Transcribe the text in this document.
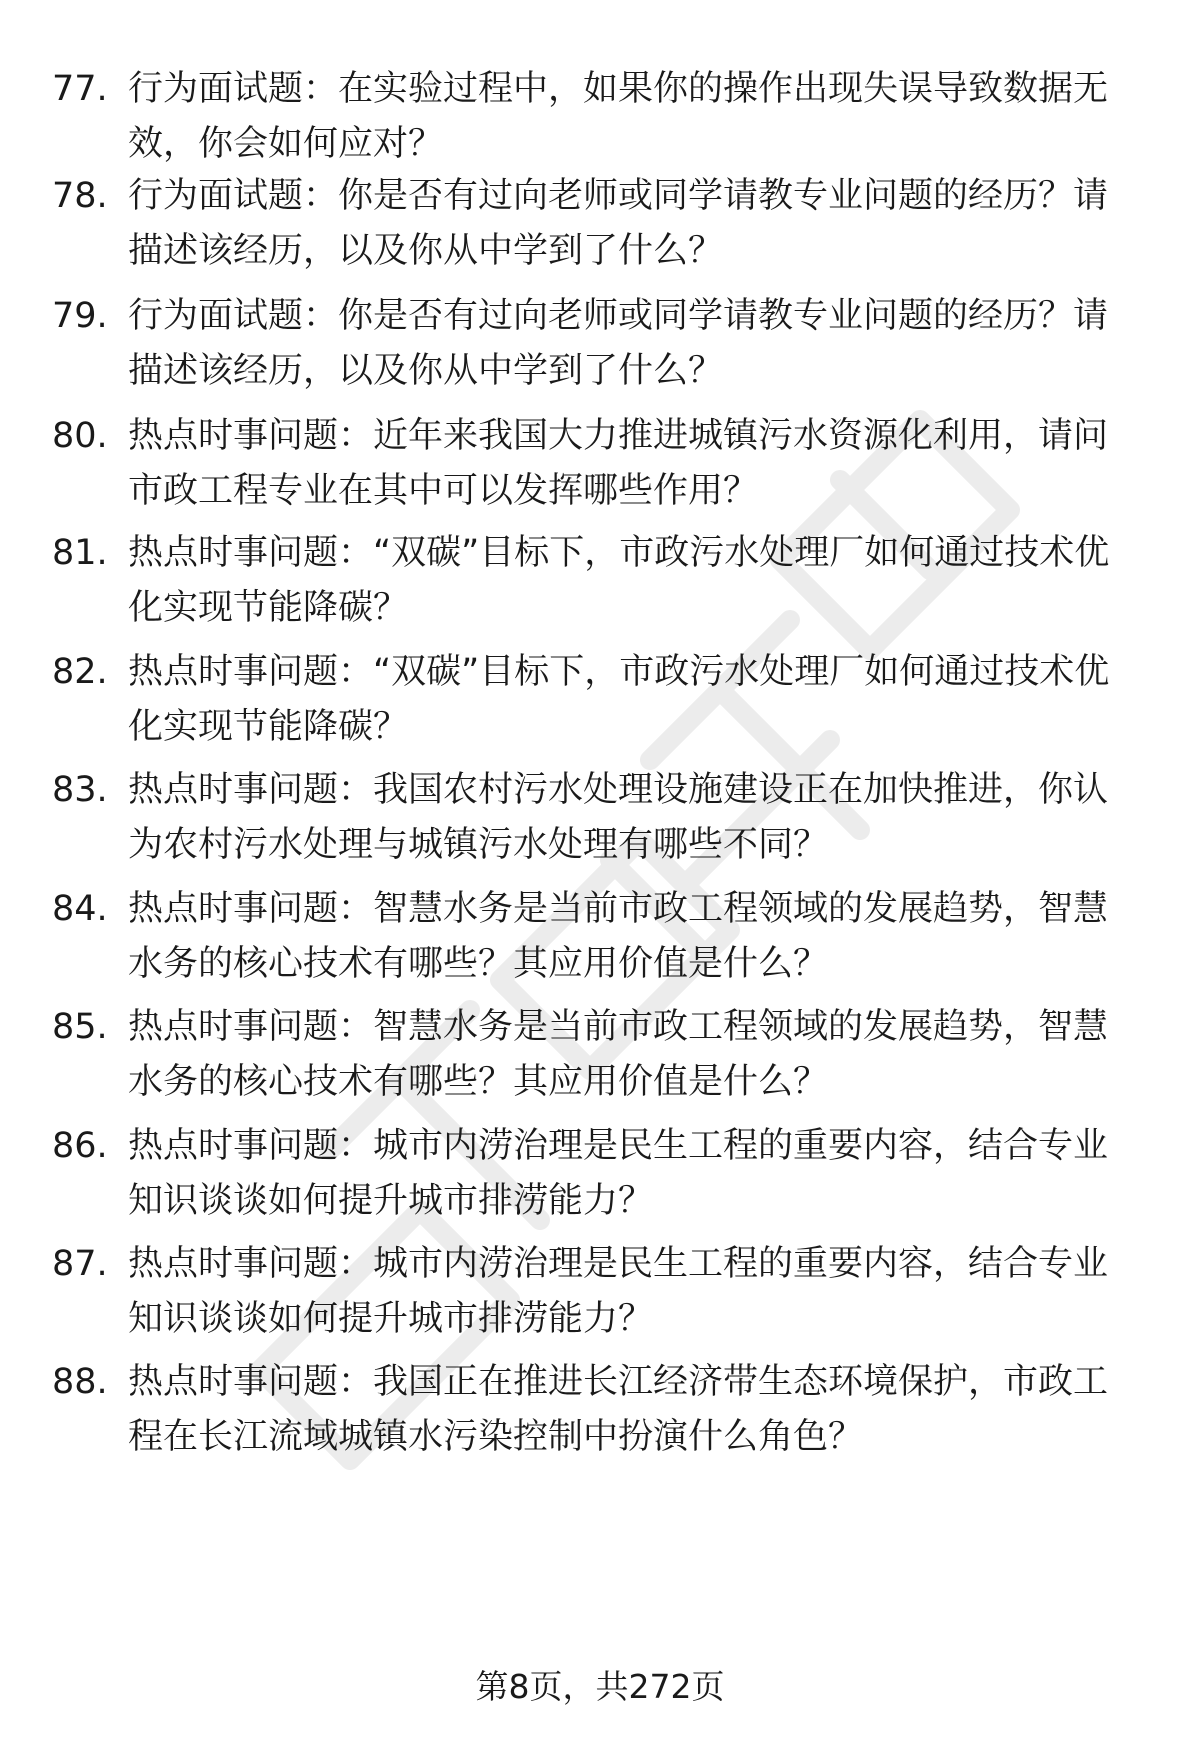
77. 行为面试题：在实验过程中，如果你的操作出现失误导致数据无效，你会如何应对？
78. 行为面试题：你是否有过向老师或同学请教专业问题的经历？请描述该经历，以及你从中学到了什么？
79. 行为面试题：你是否有过向老师或同学请教专业问题的经历？请描述该经历，以及你从中学到了什么？
80. 热点时事问题：近年来我国大力推进城镇污水资源化利用，请问市政工程专业在其中可以发挥哪些作用？
81. 热点时事问题：“双碳”目标下，市政污水处理厂如何通过技术优化实现节能降碳？
82. 热点时事问题：“双碳”目标下，市政污水处理厂如何通过技术优化实现节能降碳？
83. 热点时事问题：我国农村污水处理设施建设正在加快推进，你认为农村污水处理与城镇污水处理有哪些不同？
84. 热点时事问题：智慧水务是当前市政工程领域的发展趋势，智慧水务的核心技术有哪些？其应用价值是什么？
85. 热点时事问题：智慧水务是当前市政工程领域的发展趋势，智慧水务的核心技术有哪些？其应用价值是什么？
86. 热点时事问题：城市内涝治理是民生工程的重要内容，结合专业知识谈谈如何提升城市排涝能力？
87. 热点时事问题：城市内涝治理是民生工程的重要内容，结合专业知识谈谈如何提升城市排涝能力？
88. 热点时事问题：我国正在推进长江经济带生态环境保护，市政工程在长江流域城镇水污染控制中扮演什么角色？
第8页，共272页
